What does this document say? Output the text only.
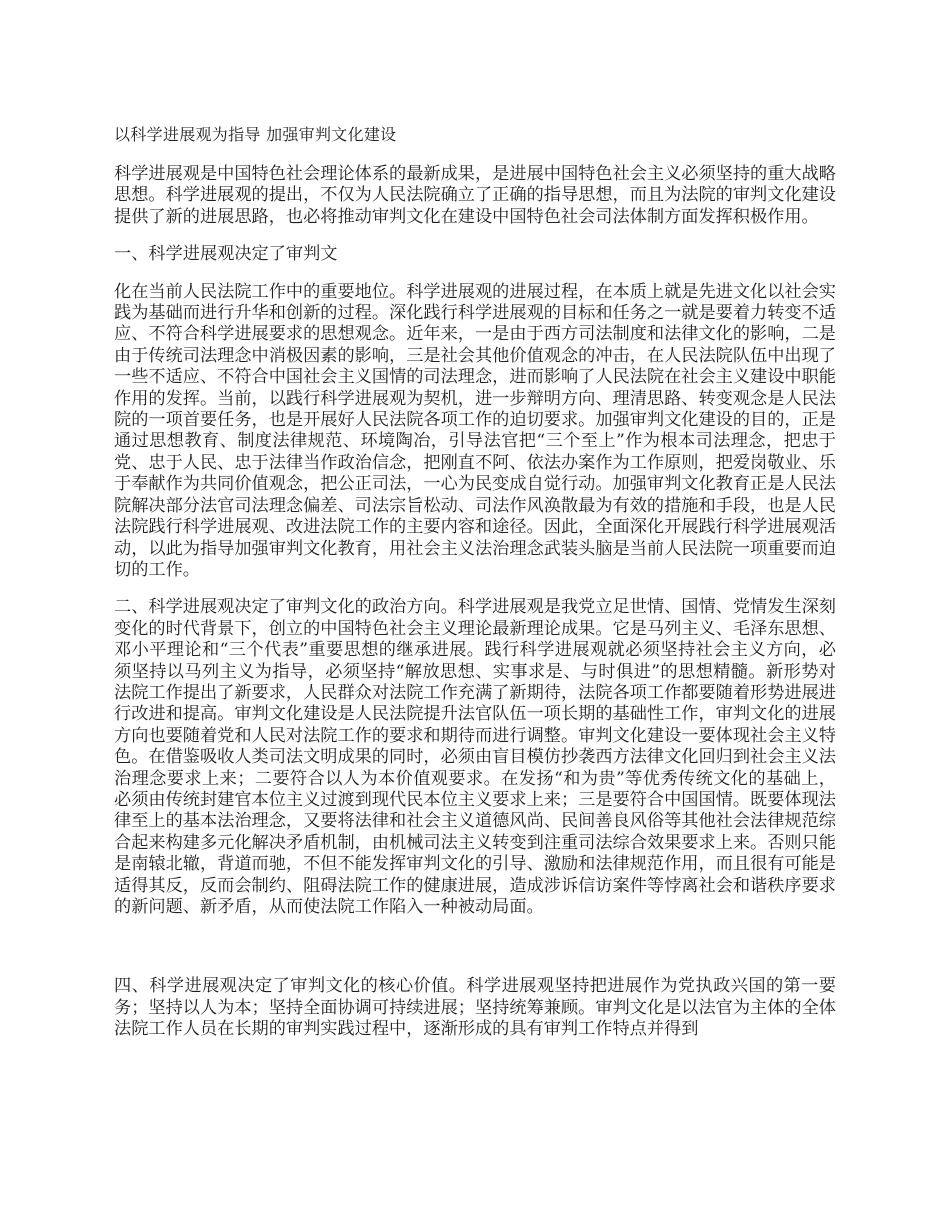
以科学进展观为指导 加强审判文化建设

科学进展观是中国特色社会理论体系的最新成果，是进展中国特色社会主义必须坚持的重大战略思想。科学进展观的提出，不仅为人民法院确立了正确的指导思想，而且为法院的审判文化建设提供了新的进展思路，也必将推动审判文化在建设中国特色社会司法体制方面发挥积极作用。

一、科学进展观决定了审判文

化在当前人民法院工作中的重要地位。科学进展观的进展过程，在本质上就是先进文化以社会实践为基础而进行升华和创新的过程。深化践行科学进展观的目标和任务之一就是要着力转变不适应、不符合科学进展要求的思想观念。近年来，一是由于西方司法制度和法律文化的影响，二是由于传统司法理念中消极因素的影响，三是社会其他价值观念的冲击，在人民法院队伍中出现了一些不适应、不符合中国社会主义国情的司法理念，进而影响了人民法院在社会主义建设中职能作用的发挥。当前，以践行科学进展观为契机，进一步辩明方向、理清思路、转变观念是人民法院的一项首要任务，也是开展好人民法院各项工作的迫切要求。加强审判文化建设的目的，正是通过思想教育、制度法律规范、环境陶冶，引导法官把“三个至上”作为根本司法理念，把忠于党、忠于人民、忠于法律当作政治信念，把刚直不阿、依法办案作为工作原则，把爱岗敬业、乐于奉献作为共同价值观念，把公正司法，一心为民变成自觉行动。加强审判文化教育正是人民法院解决部分法官司法理念偏差、司法宗旨松动、司法作风涣散最为有效的措施和手段，也是人民法院践行科学进展观、改进法院工作的主要内容和途径。因此，全面深化开展践行科学进展观活动，以此为指导加强审判文化教育，用社会主义法治理念武装头脑是当前人民法院一项重要而迫切的工作。

二、科学进展观决定了审判文化的政治方向。科学进展观是我党立足世情、国情、党情发生深刻变化的时代背景下，创立的中国特色社会主义理论最新理论成果。它是马列主义、毛泽东思想、邓小平理论和“三个代表”重要思想的继承进展。践行科学进展观就必须坚持社会主义方向，必须坚持以马列主义为指导，必须坚持“解放思想、实事求是、与时俱进”的思想精髓。新形势对法院工作提出了新要求，人民群众对法院工作充满了新期待，法院各项工作都要随着形势进展进行改进和提高。审判文化建设是人民法院提升法官队伍一项长期的基础性工作，审判文化的进展方向也要随着党和人民对法院工作的要求和期待而进行调整。审判文化建设一要体现社会主义特色。在借鉴吸收人类司法文明成果的同时，必须由盲目模仿抄袭西方法律文化回归到社会主义法治理念要求上来；二要符合以人为本价值观要求。在发扬“和为贵”等优秀传统文化的基础上，必须由传统封建官本位主义过渡到现代民本位主义要求上来；三是要符合中国国情。既要体现法律至上的基本法治理念，又要将法律和社会主义道德风尚、民间善良风俗等其他社会法律规范综合起来构建多元化解决矛盾机制，由机械司法主义转变到注重司法综合效果要求上来。否则只能是南辕北辙，背道而驰，不但不能发挥审判文化的引导、激励和法律规范作用，而且很有可能是适得其反，反而会制约、阻碍法院工作的健康进展，造成涉诉信访案件等悖离社会和谐秩序要求的新问题、新矛盾，从而使法院工作陷入一种被动局面。

四、科学进展观决定了审判文化的核心价值。科学进展观坚持把进展作为党执政兴国的第一要务；坚持以人为本；坚持全面协调可持续进展；坚持统筹兼顾。审判文化是以法官为主体的全体法院工作人员在长期的审判实践过程中，逐渐形成的具有审判工作特点并得到
